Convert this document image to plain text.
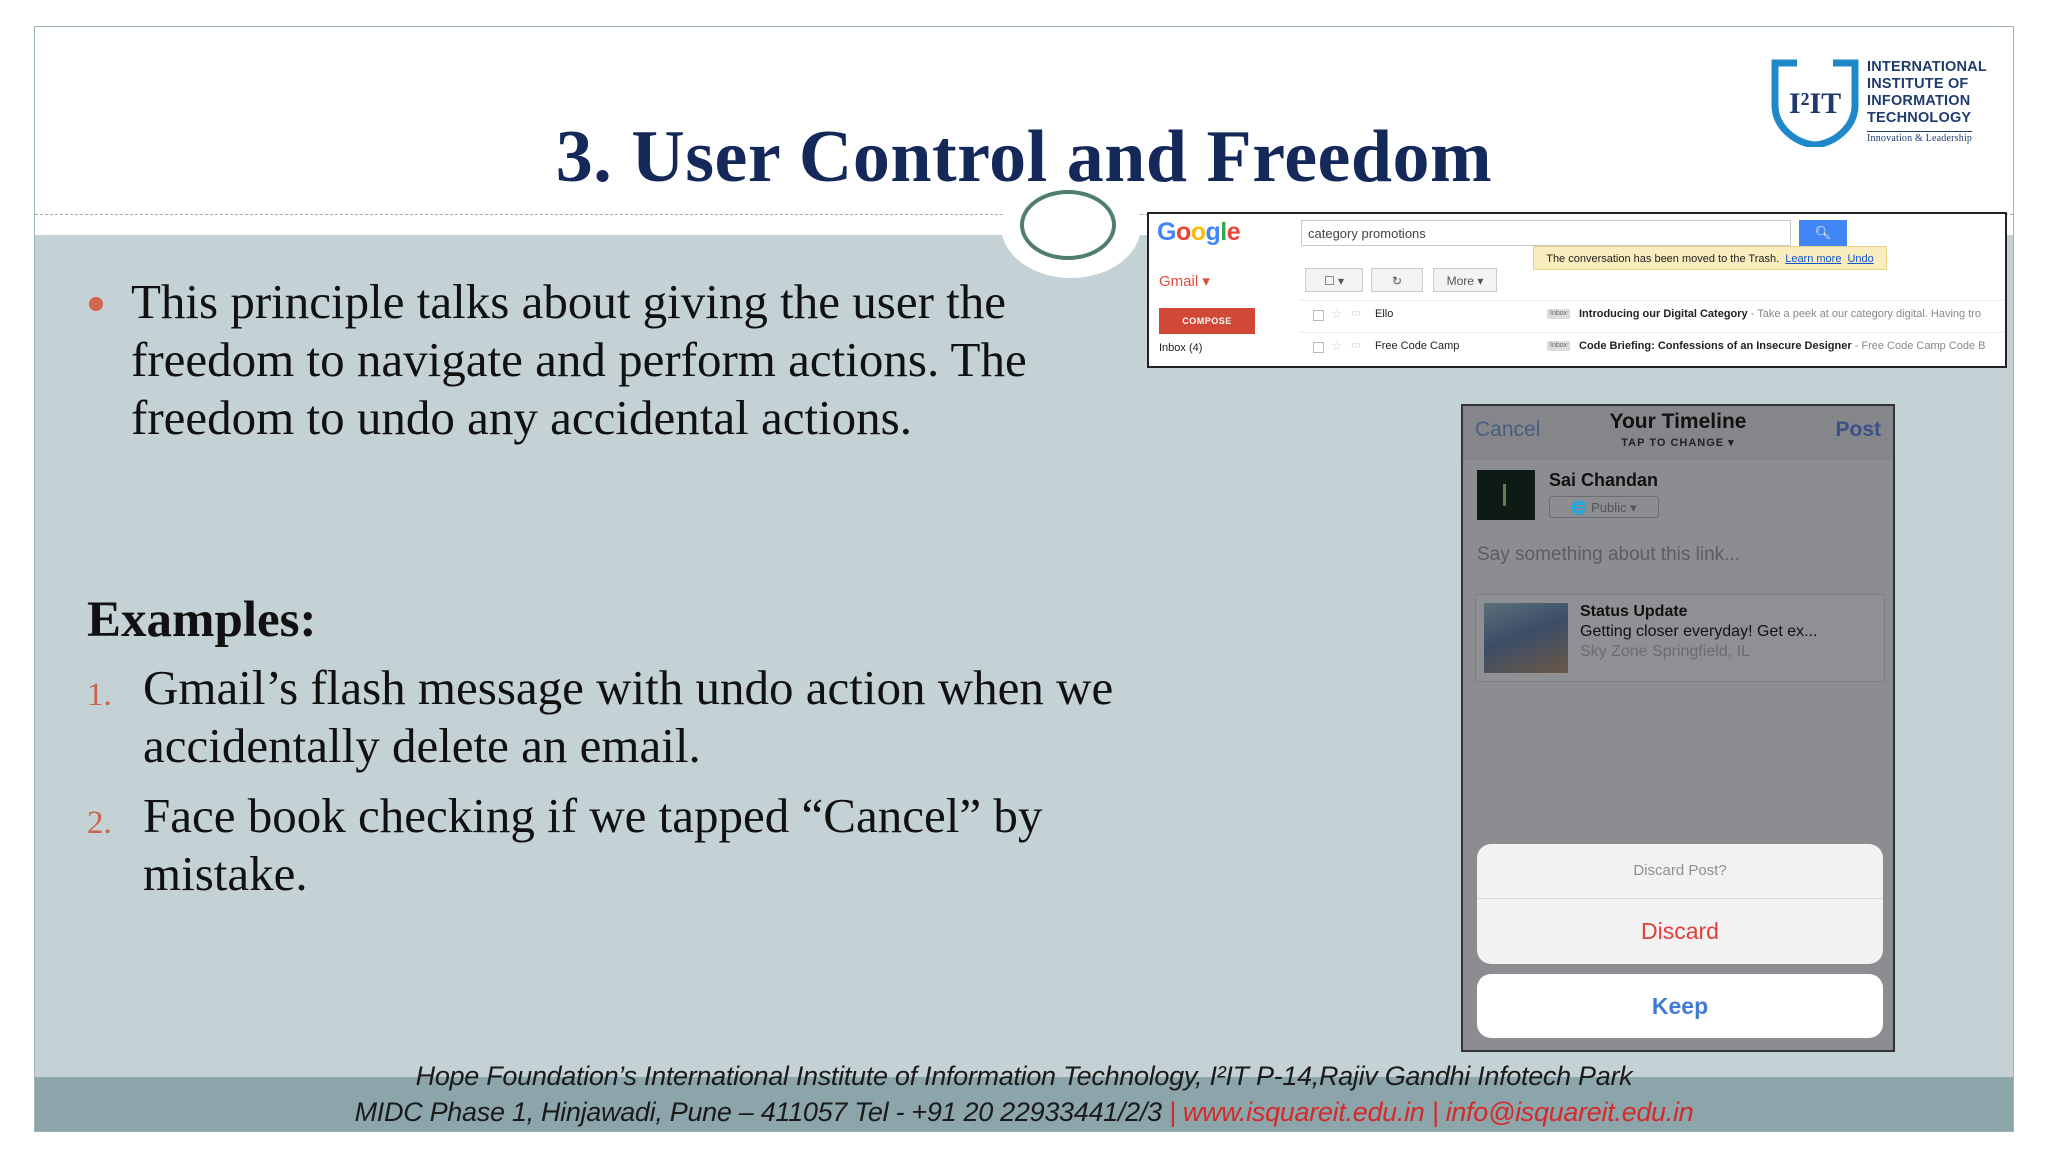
3. User Control and Freedom
I²IT
INTERNATIONAL
INSTITUTE OF
INFORMATION
TECHNOLOGY
Innovation & Leadership
This principle talks about giving the user the freedom to navigate and perform actions. The freedom to undo any accidental actions.
Examples:
1. Gmail’s flash message with undo action when we accidentally delete an email.
2. Face book checking if we tapped “Cancel” by mistake.
Hope Foundation’s International Institute of Information Technology, I²IT P-14,Rajiv Gandhi Infotech Park
MIDC Phase 1, Hinjawadi, Pune – 411057 Tel - +91 20 22933441/2/3 | www.isquareit.edu.in | info@isquareit.edu.in
Google	category promotions	🔍︎
The conversation has been moved to the Trash. Learn more Undo
Gmail ▾	☐ ▾	↻	More ▾
COMPOSE
Inbox (4)
☆ ▭ Ello	Inbox Introducing our Digital Category - Take a peek at our category digital. Having tro
☆ ▭ Free Code Camp	Inbox Code Briefing: Confessions of an Insecure Designer - Free Code Camp Code B
Cancel	Your Timeline
TAP TO CHANGE ▾
Post
Sai Chandan
🌐 Public ▾
Say something about this link...
Status Update
Getting closer everyday! Get ex...
Sky Zone Springfield, IL
Discard Post?
Discard
Keep
